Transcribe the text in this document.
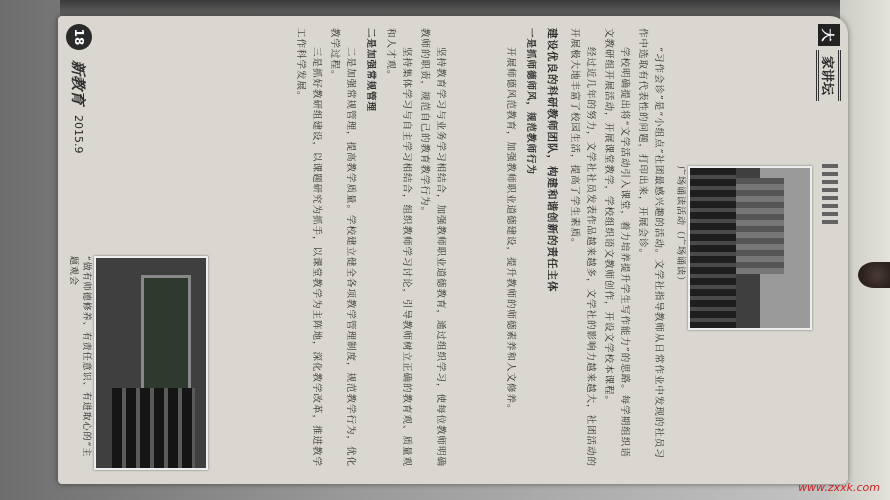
大
家讲坛
广场诵读活动（广场诵读）

“习作会诊”是“小组点”社团最感兴趣的活动。文学社指导教师从日常作业中发现的社员习作中选取有代表性的问题，打印出来，开展会诊。

学校明确提出将“文学活动引入课堂，着力培养提升学生写作能力”的思路。每学期组织语文教研组开展活动，开展课堂教学，学校组织语文教师创作，开设文学校本课程。

经过近几年的努力，文学社社员发表作品越来越多，文学社的影响力越来越大，社团活动的开展极大地丰富了校园生活，提高了学生素质。

建设优良的科研教师团队，构建和谐创新的责任主体

一是抓师德师风，规范教师行为

开展师德风范教育，加强教师职业道德建设，提升教师的师德素养和人文修养。

坚持教育学习与业务学习相结合，加强教师职业道德教育，通过组织学习，使每位教师明确教师的职责，规范自己的教育教学行为。

坚持集体学习与自主学习相结合，组织教师学习讨论，引导教师树立正确的教育观、质量观和人才观。

二是加强常规管理

二是加强常规管理，提高教学质量。学校建立健全各项教学管理制度，规范教学行为，优化教学过程。

三是抓好教研组建设，以课题研究为抓手，以课堂教学为主阵地，深化教学改革，推进教学工作科学发展。

“做有师德修养、有责任意识、有进取心的”主题观会
18
新教育
2015.9
www.zxxk.com
